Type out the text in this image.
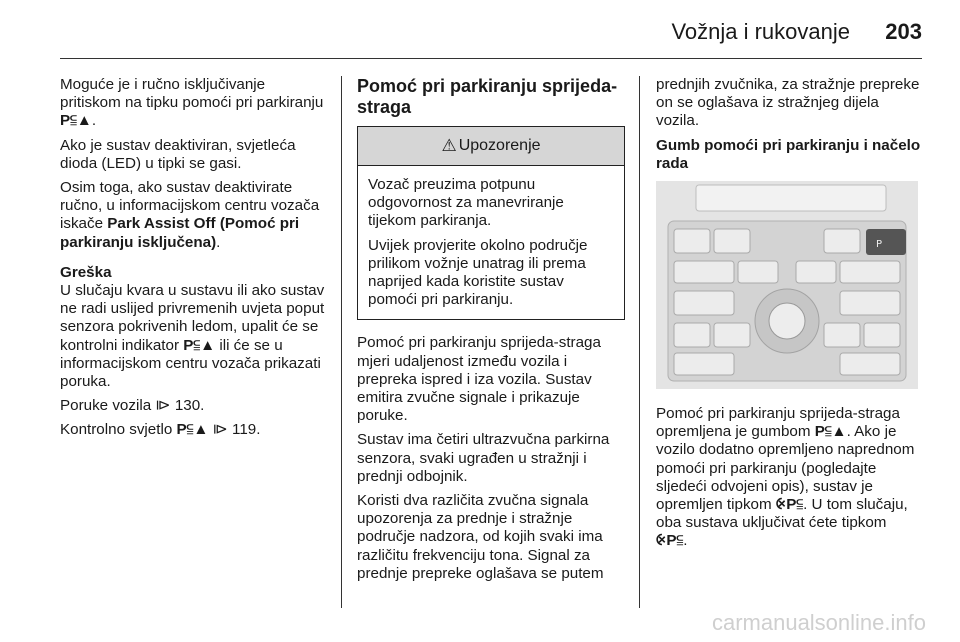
Vožnja i rukovanje 203

Moguće je i ručno isključivanje pritiskom na tipku pomoći pri parkiranju P⫅▲.

Ako je sustav deaktiviran, svjetleća dioda (LED) u tipki se gasi.

Osim toga, ako sustav deaktivirate ručno, u informacijskom centru vozača iskače Park Assist Off (Pomoć pri parkiranju isključena).

Greška
U slučaju kvara u sustavu ili ako sustav ne radi uslijed privremenih uvjeta poput senzora pokrivenih ledom, upalit će se kontrolni indikator P⫅▲ ili će se u informacijskom centru vozača prikazati poruka.

Poruke vozila ⧐ 130.

Kontrolno svjetlo P⫅▲ ⧐ 119.

Pomoć pri parkiranju sprijeda-straga
⚠ Upozorenje

Vozač preuzima potpunu odgovornost za manevriranje tijekom parkiranja.

Uvijek provjerite okolno područje prilikom vožnje unatrag ili prema naprijed kada koristite sustav pomoći pri parkiranju.

Pomoć pri parkiranju sprijeda-straga mjeri udaljenost između vozila i prepreka ispred i iza vozila. Sustav emitira zvučne signale i prikazuje poruke.

Sustav ima četiri ultrazvučna parkirna senzora, svaki ugrađen u stražnji i prednji odbojnik.

Koristi dva različita zvučna signala upozorenja za prednje i stražnje područje nadzora, od kojih svaki ima različitu frekvenciju tona. Signal za prednje prepreke oglašava se putem

prednjih zvučnika, za stražnje prepreke on se oglašava iz stražnjeg dijela vozila.

Gumb pomoći pri parkiranju i načelo rada
P

Pomoć pri parkiranju sprijeda-straga opremljena je gumbom P⫅▲. Ako je vozilo dodatno opremljeno naprednom pomoći pri parkiranju (pogledajte sljedeći odvojeni opis), sustav je opremljen tipkom ⨴P⫅. U tom slučaju, oba sustava uključivat ćete tipkom ⨴P⫅.

carmanualsonline.info
